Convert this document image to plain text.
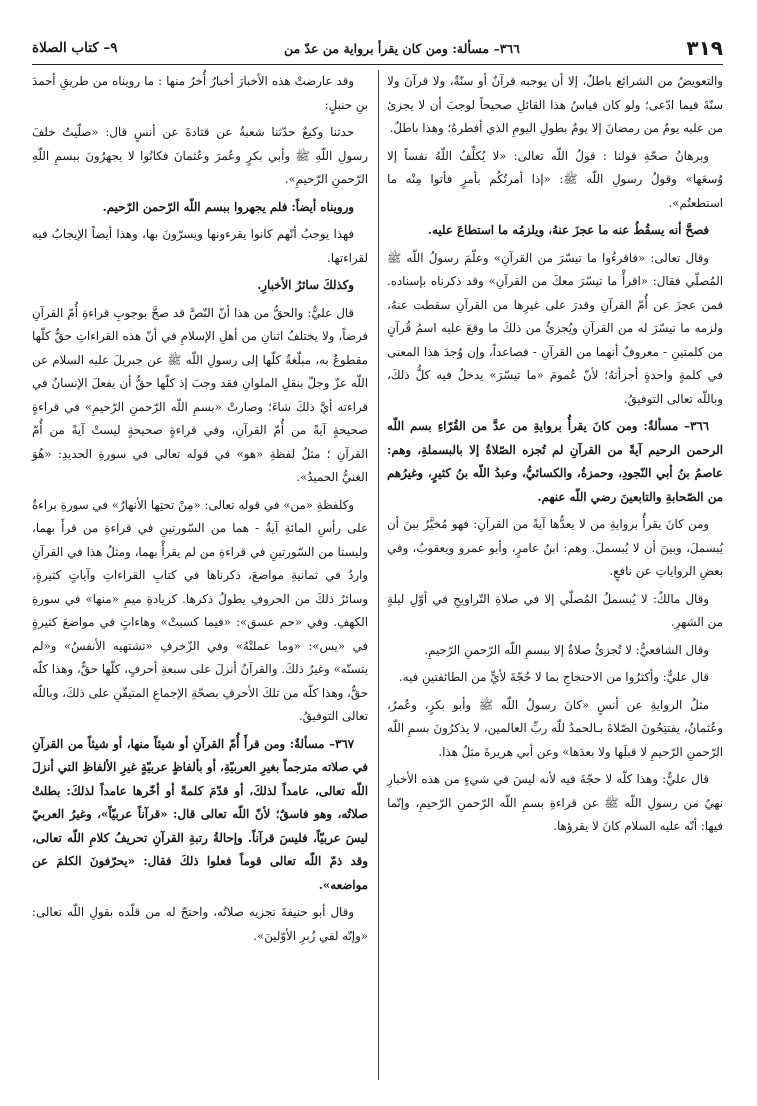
٣١٩
٣٦٦– مسألة: ومن كان يقرأ برواية من عدّ من
٩– كتاب الصلاة

والتعويضُ من الشرائع باطلٌ، إلا أن يوجبه قرآنٌ أو سنّةٌ، ولا قرآنَ ولا سنّةَ فيما ادّعى؛ ولو كان قياسُ هذا القائلِ صحيحاً لوجبَ أن لا يجزئ من عليه يومٌ من رمضانَ إلا يومٌ بطولِ اليومِ الذي أفطرهُ؛ وهذا باطلٌ.

وبرهانُ صحّةِ قولنا : قولُ اللّه تعالى: «لا يُكلِّفُ اللّهُ نفساً إلا وُسعَها» وقولُ رسولِ اللّه ﷺ: «إذا أمرتُكُم بأمرٍ فأتوا مِنْه ما استطعتُم».

فصحَّ أنه يسقُطُ عنه ما عجزَ عنهُ، ويلزمُه ما استطاعَ عليه.

وقال تعالى: «فاقرءُوا ما تيسّرَ من القرآنِ» وعلّمَ رسولُ اللّه ﷺ المُصلّي فقال: «اقرأْ ما تيسّرَ معكَ من القرآنِ» وقد ذكرناه بإسناده. فمن عجزَ عن أُمّ القرآنِ وقدرَ على غيرِها من القرآنِ سقطت عنهُ، ولزمه ما تيسّرَ له من القرآنِ ويُجزئُ من ذلكَ ما وقعَ عليه اسمُ قُرآنٍ من كلمتينِ - معروفٌ أنهما من القرآنِ - فصاعداً، وإن وُجدَ هذا المعنى في كلمةٍ واحدةٍ أجزأتهُ؛ لأنّ عُمومَ «ما تيسّرَ» يدخلُ فيه كلُّ ذلكَ، وباللّه تعالى التوفيقُ.

٣٦٦– مسألةٌ: ومن كانَ يقرأُ بروايةِ من عدَّ من القُرّاءِ بسم اللّه الرحمن الرحيم آيةً من القرآنِ لم تُجزه الصّلاةُ إلا بالبسملةِ، وهم: عاصمُ بنُ أبي النّجودِ، وحمزةُ، والكسائيُّ، وعبدُ اللّه بنُ كثيرٍ، وغيرُهم من الصّحابةِ والتابعينَ رضي اللّه عنهم.

ومن كانَ يقرأُ بروايةِ من لا يعدُّها آيةً من القرآنِ: فهو مُخيَّرٌ بينَ أن يُبسملَ، وبينَ أن لا يُبسملَ. وهم: ابنُ عامرٍ، وأبو عمرو ويعقوبُ، وفي بعضِ الرواياتِ عن نافعٍ.

وقال مالكٌ: لا يُبسملُ المُصلّي إلا في صلاةِ التّراويحِ في أوّلِ ليلةٍ من الشهرِ.

وقال الشافعيُّ: لا تُجزئُ صلاةٌ إلا ببسمِ اللّه الرّحمنِ الرّحيمِ.

قال عليٌّ: وأكثرُوا من الاحتجاجِ بما لا حُجّةَ لأيٍّ من الطائفتينِ فيه.

مثلُ الروايةِ عن أنسٍ «كانَ رسولُ اللّه ﷺ وأبو بكرٍ، وعُمرُ، وعُثمانُ، يفتتِحُونَ الصّلاةَ بـالحمدُ للّه ربِّ العالمين، لا يذكرُونَ بسمِ اللّه الرّحمنِ الرّحيمِ لا قبلَها ولا بعدَها» وعن أبي هريرةَ مثلُ هذا.

قال عليٌّ: وهذا كلّه لا حجّةَ فيه لأنه ليسَ في شيءٍ من هذه الأخبارِ نهيٌ من رسولِ اللّه ﷺ عن قراءةِ بسمِ اللّه الرّحمنِ الرّحيمِ، وإنّما فيها: أنّه عليه السلام كانَ لا يقرؤها.

وقد عارضتْ هذه الأخبارَ أخبارٌ أُخرُ منها : ما رويناه من طريقِ أحمدَ بنِ حنبلٍ:

حدثنا وكيعٌ حدّثنا شعبةُ عن قتادةَ عن أنسٍ قال: «صلّيتُ خلفَ رسولِ اللّهِ ﷺ وأبي بكرٍ وعُمرَ وعُثمانَ فكانُوا لا يجهرُونَ ببسمِ اللّهِ الرّحمنِ الرّحيمِ».

ورويناه أيضاً: فلم يجهروا ببسم اللّه الرّحمن الرّحيم.

فهذا يوجبُ أنّهم كانوا يقرءونها ويسرّونَ بها، وهذا أيضاً الإيجابُ فيه لقراءتها.

وكذلكَ سائرُ الأخبارِ.

قال عليٌّ: والحقُّ من هذا أنّ النّصَّ قد صحَّ بوجوبِ قراءةِ أُمّ القرآنِ فرضاً، ولا يختلفُ اثنانِ من أهلِ الإسلامِ في أنّ هذه القراءاتِ حقٌّ كلّها مقطوعٌ به، مبلّغةٌ كلّها إلى رسولِ اللّه ﷺ عن جبريلَ عليه السلام عن اللّه عزّ وجلّ بنقلِ الملوانِ فقد وجبَ إذ كلّها حقٌّ أن يفعلَ الإنسانُ في قراءته أيَّ ذلكَ شاءَ؛ وصارتْ «بسمِ اللّه الرّحمنِ الرّحيمِ» في قراءةٍ صحيحةٍ آيةً من أُمّ القرآنِ، وفي قراءةٍ صحيحةٍ ليستْ آيةً من أُمّ القرآنِ ؛ مثلُ لفظةِ «هو» في قوله تعالى في سورةِ الحديدِ: «هُوَ الغنيُّ الحميدُ».

وكلفظةِ «من» في قوله تعالى: «مِنْ تحتِها الأنهارُ» في سورةِ براءةٌ على رأسِ المائةِ آيةٌ - هما من السّورتينِ في قراءةِ من قرأَ بهما، وليستا من السّورتينِ في قراءةِ من لم يقرأْ بهما، ومثلُ هذا في القرآنِ واردٌ في ثمانيةِ مواضعَ، ذكرناها في كتابِ القراءاتِ وآياتٍ كثيرةٍ، وسائرُ ذلكَ من الحروفِ يطولُ ذكرها. كزيادةِ ميمِ «منها» في سورةِ الكهفِ. وفي «حم عسق»: «فيما كسبتْ» وهاءاتٍ في مواضعَ كثيرةٍ في «يس»: «وما عملتْهُ» وفي الزّخرفِ «تشتهيه الأنفسُ» و«لم يتسنّه» وغيرُ ذلكَ. والقرآنُ أنزلَ على سبعةِ أحرفٍ، كلّها حقٌّ، وهذا كلّه حقٌّ، وهذا كلّه من تلكَ الأحرفِ بصحّةِ الإجماعِ المتيقّنِ على ذلكَ، وباللّه تعالى التوفيقُ.

٣٦٧– مسألةٌ: ومن قرأَ أُمّ القرآنِ أو شيئاً منها، أو شيئاً من القرآنِ في صلاته مترجماً بغيرِ العربيّةِ، أو بألفاظٍ عربيّةٍ غيرِ الألفاظِ التي أنزلَ اللّه تعالى، عامداً لذلكَ، أو قدّمَ كلمةً أو أخّرها عامداً لذلكَ: بطلتْ صلاتُه، وهو فاسقٌ؛ لأنّ اللّه تعالى قال: «قرآناً عربيّاً»، وغيرُ العربيّ ليسَ عربيّاً، فليسَ قرآناً. وإحالةُ رتبةِ القرآنِ تحريفُ كلامِ اللّه تعالى، وقد ذمّ اللّه تعالى قوماً فعلوا ذلكَ فقال: «يحرّفونَ الكلمَ عن مواضعه».

وقال أبو حنيفةَ تجزيه صلاتُه، واحتجّ له من قلّده بقولِ اللّه تعالى: «وإنّه لفي زُبرِ الأوّلينَ».
